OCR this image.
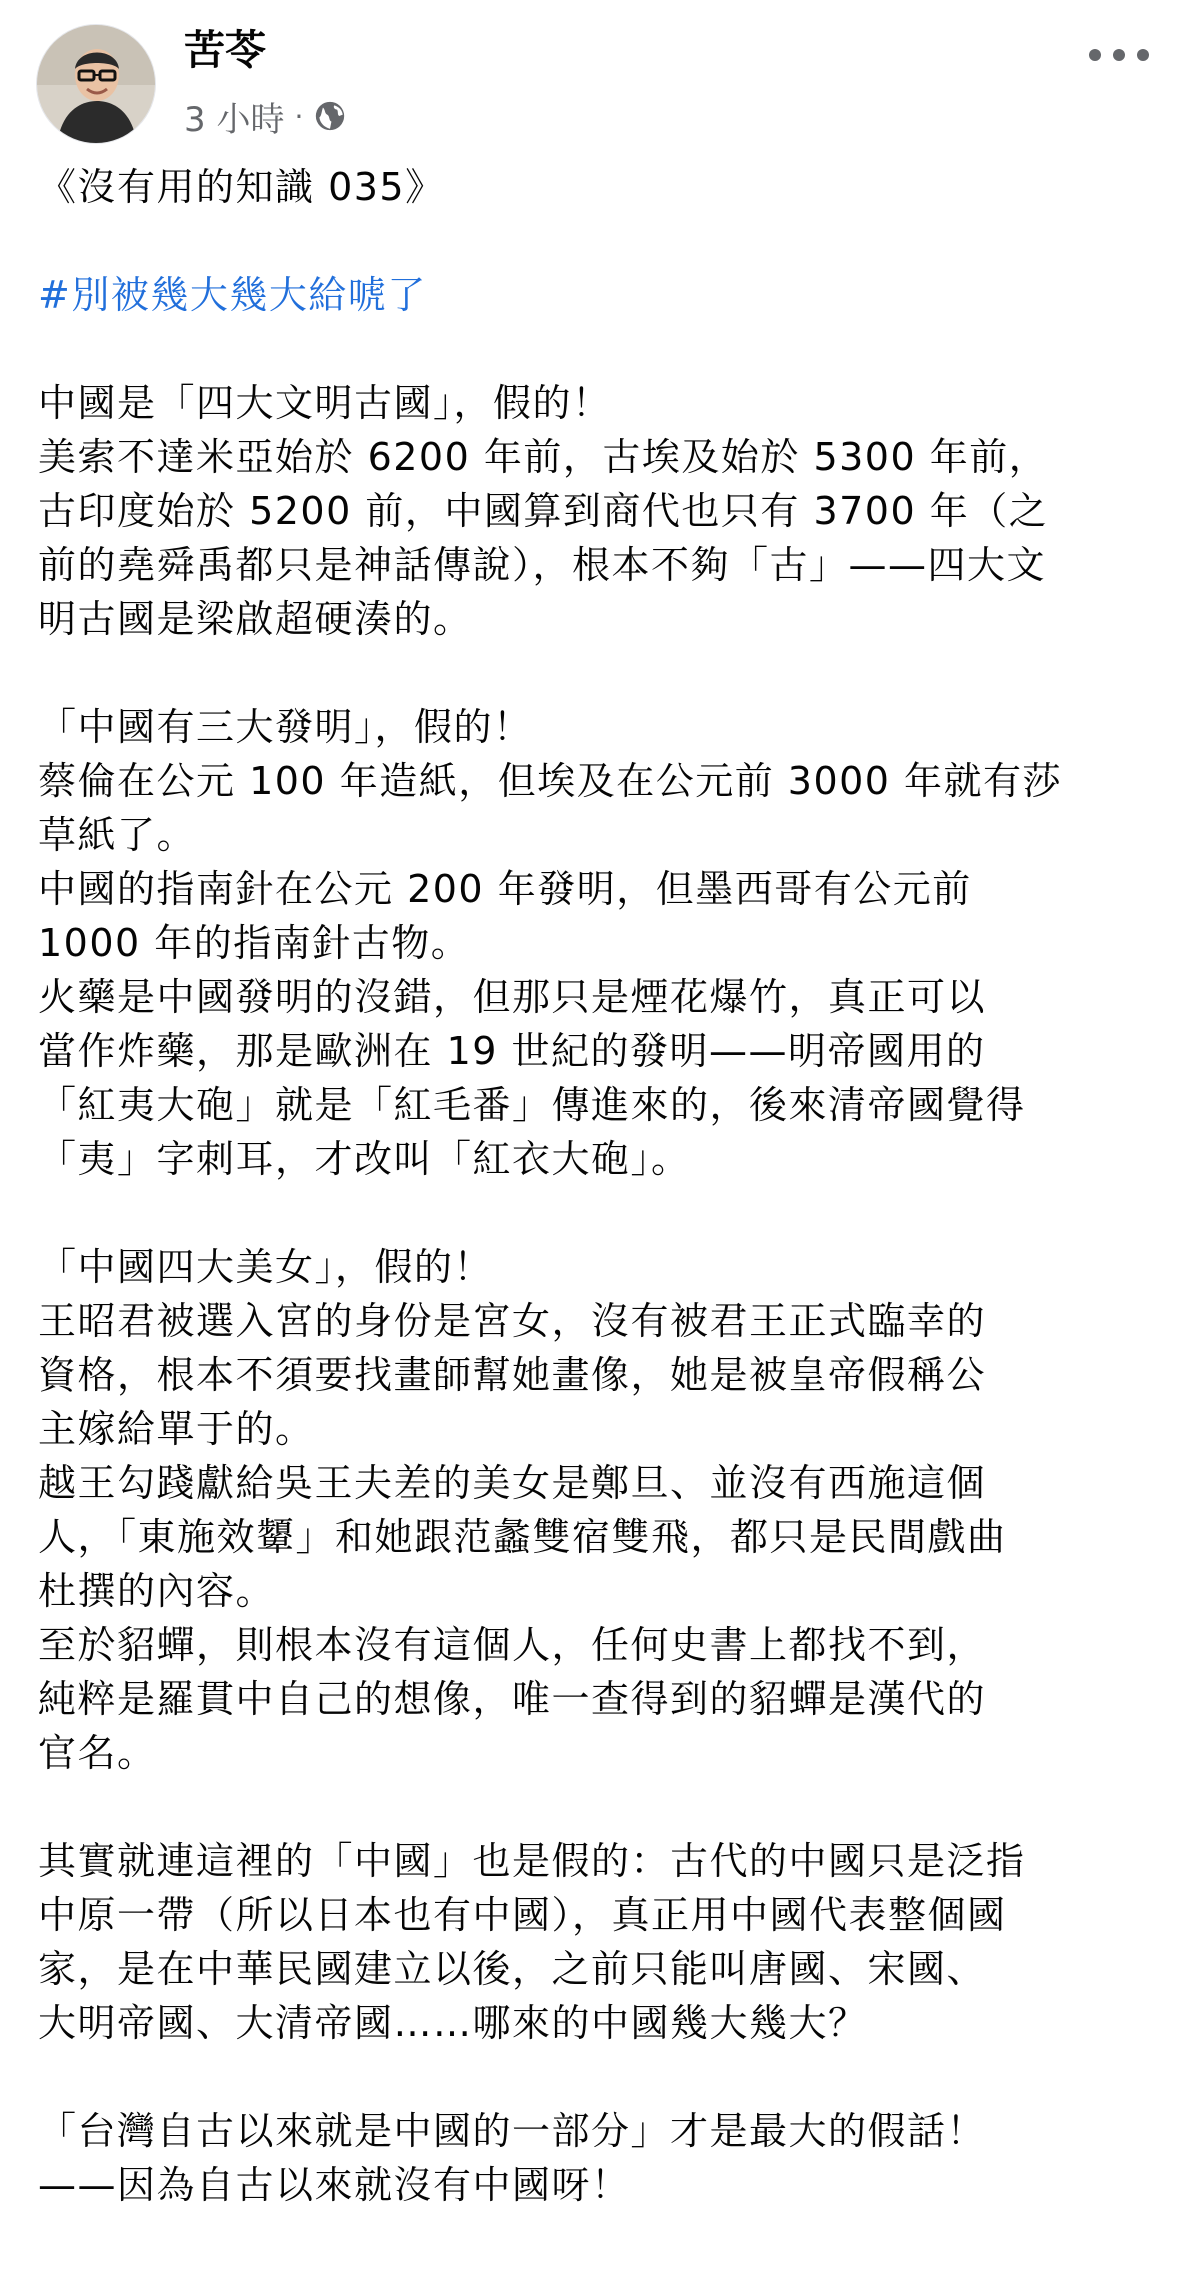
苦苓
3 小時 ·

《沒有用的知識 035》

#別被幾大幾大給唬了

中國是「四大文明古國」，假的！

美索不達米亞始於 6200 年前，古埃及始於 5300 年前，

古印度始於 5200 前，中國算到商代也只有 3700 年（之

前的堯舜禹都只是神話傳說），根本不夠「古」——四大文

明古國是梁啟超硬湊的。

「中國有三大發明」，假的！

蔡倫在公元 100 年造紙，但埃及在公元前 3000 年就有莎

草紙了。

中國的指南針在公元 200 年發明，但墨西哥有公元前

1000 年的指南針古物。

火藥是中國發明的沒錯，但那只是煙花爆竹，真正可以

當作炸藥，那是歐洲在 19 世紀的發明——明帝國用的

「紅夷大砲」就是「紅毛番」傳進來的，後來清帝國覺得

「夷」字刺耳，才改叫「紅衣大砲」。

「中國四大美女」，假的！

王昭君被選入宮的身份是宮女，沒有被君王正式臨幸的

資格，根本不須要找畫師幫她畫像，她是被皇帝假稱公

主嫁給單于的。

越王勾踐獻給吳王夫差的美女是鄭旦、並沒有西施這個

人，「東施效顰」和她跟范蠡雙宿雙飛，都只是民間戲曲

杜撰的內容。

至於貂蟬，則根本沒有這個人，任何史書上都找不到，

純粹是羅貫中自己的想像，唯一查得到的貂蟬是漢代的

官名。

其實就連這裡的「中國」也是假的：古代的中國只是泛指

中原一帶（所以日本也有中國），真正用中國代表整個國

家，是在中華民國建立以後，之前只能叫唐國、宋國、

大明帝國、大清帝國……哪來的中國幾大幾大？

「台灣自古以來就是中國的一部分」才是最大的假話！

——因為自古以來就沒有中國呀！
